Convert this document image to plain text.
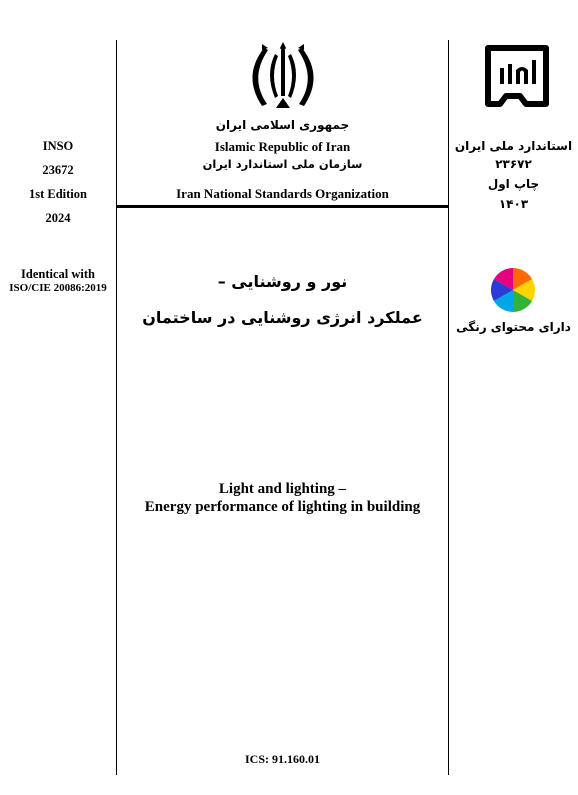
جمهوری اسلامی ایران
Islamic Republic of Iran
سازمان ملی استاندارد ایران
Iran National Standards Organization
INSO
23672
1st Edition
2024
Identical with
ISO/CIE 20086:2019
استاندارد ملی ایران
۲۳۶۷۲
چاپ اول
۱۴۰۳
دارای محتوای رنگی
نور و روشنایی –
عملکرد انرژی روشنایی در ساختمان
Light and lighting –
Energy performance of lighting in building
ICS: 91.160.01
